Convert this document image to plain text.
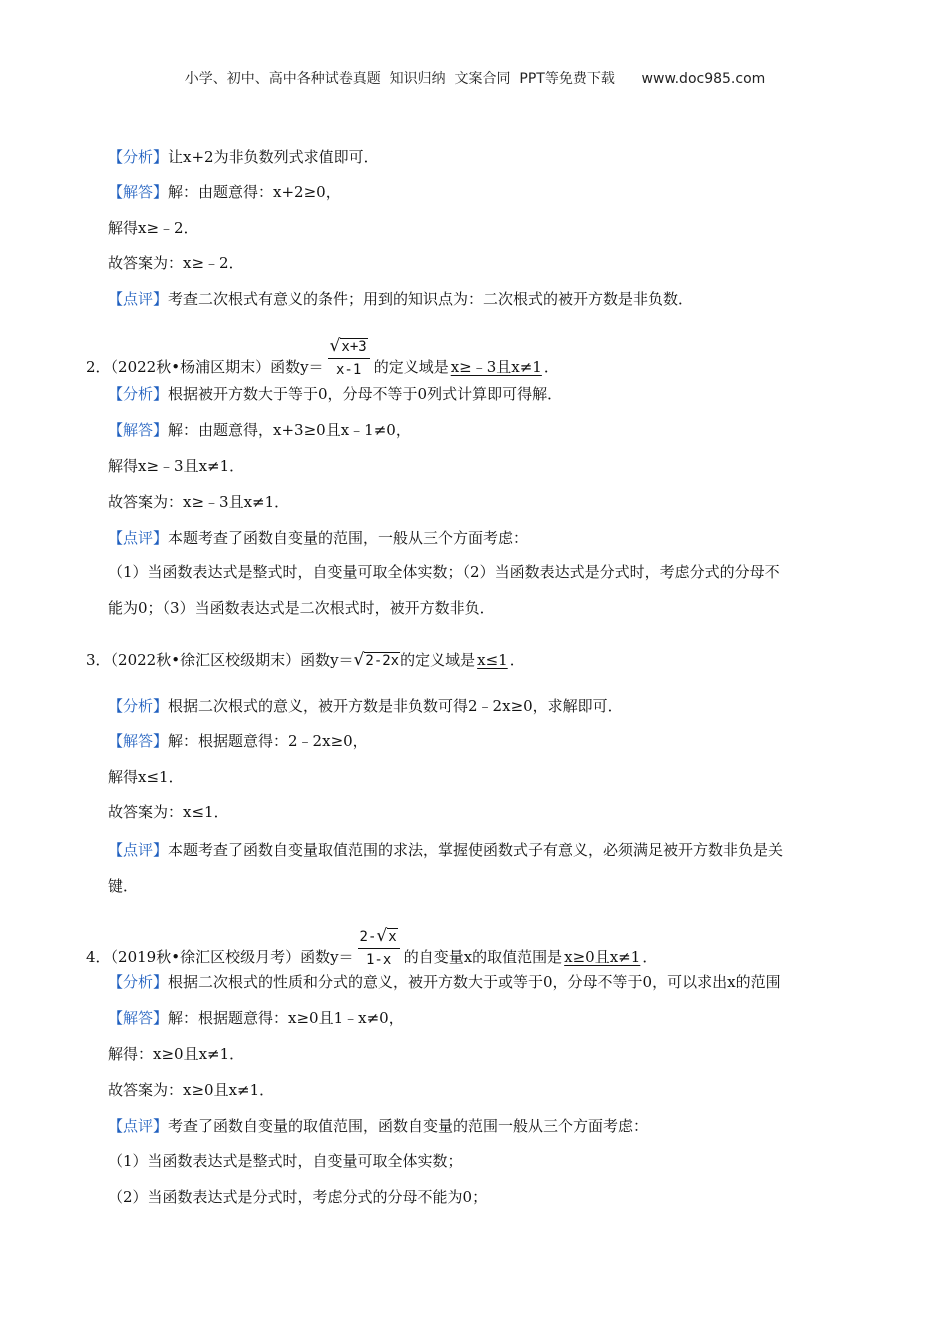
小学、初中、高中各种试卷真题  知识归纳  文案合同  PPT等免费下载      www.doc985.com
【分析】让x+2为非负数列式求值即可．
【解答】解：由题意得：x+2≥0，
解得x≥﹣2．
故答案为：x≥﹣2．
【点评】考查二次根式有意义的条件；用到的知识点为：二次根式的被开方数是非负数．
2．（2022秋•杨浦区期末）函数$y= \frac{√x+3}{x-1}$ 的定义域是 x≥﹣3且x≠1 ．
【分析】根据被开方数大于等于0，分母不等于0列式计算即可得解．
【解答】解：由题意得，x+3≥0且x﹣1≠0，
解得x≥﹣3且x≠1．
故答案为：x≥﹣3且x≠1．
【点评】本题考查了函数自变量的范围，一般从三个方面考虑：
（1）当函数表达式是整式时，自变量可取全体实数；（2）当函数表达式是分式时，考虑分式的分母不
能为0；（3）当函数表达式是二次根式时，被开方数非负．
3．（2022秋•徐汇区校级期末）函数y＝√2-2x的定义域是 x≤1 ．
【分析】根据二次根式的意义，被开方数是非负数可得2﹣2x≥0，求解即可．
【解答】解：根据题意得：2﹣2x≥0，
解得x≤1．
故答案为：x≤1．
【点评】本题考查了函数自变量取值范围的求法，掌握使函数式子有意义，必须满足被开方数非负是关
键．
4．（2019秋•徐汇区校级月考）函数$y= \frac{2-√x}{1-x}$ 的自变量x的取值范围是 x≥0且x≠1 ．
【分析】根据二次根式的性质和分式的意义，被开方数大于或等于0，分母不等于0，可以求出x的范围
【解答】解：根据题意得：x≥0且1﹣x≠0，
解得：x≥0且x≠1．
故答案为：x≥0且x≠1．
【点评】考查了函数自变量的取值范围，函数自变量的范围一般从三个方面考虑：
（1）当函数表达式是整式时，自变量可取全体实数；
（2）当函数表达式是分式时，考虑分式的分母不能为0；
